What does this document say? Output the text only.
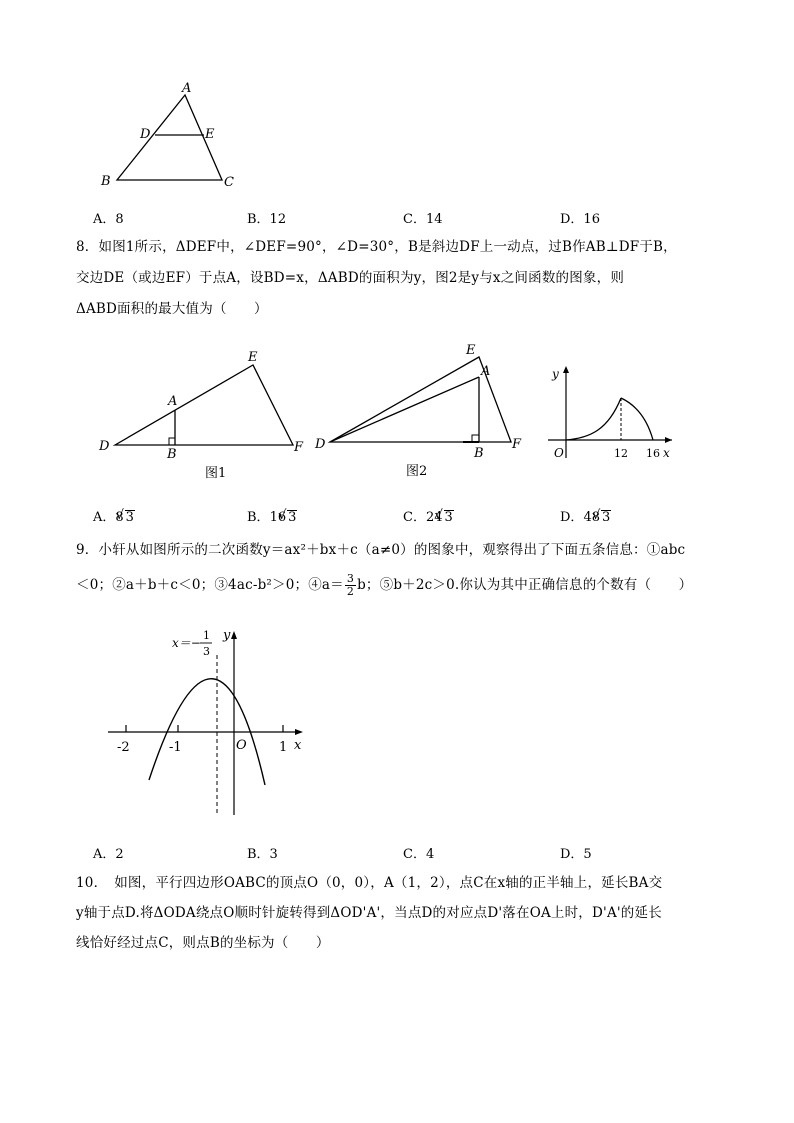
A
D	E
B	C
A．8	B．12	C．14	D．16
8．如图1所示，ΔDEF中，∠DEF=90°，∠D=30°，B是斜边DF上一动点，过B作AB⊥DF于B，
交边DE（或边EF）于点A，设BD=x，ΔABD的面积为y，图2是y与x之间函数的图象，则
ΔABD面积的最大值为（　　）
D
B
A
E
F
图1
D
B
A
E
F
图2
y
x
O	12 16
A．8 √ 3	B．16 √ 3	C．24 √ 3	D．48 √ 3
9．小轩从如图所示的二次函数y＝ax²＋bx＋c（a≠0）的图象中，观察得出了下面五条信息：①abc
＜0；②a＋b＋c＜0；③4ac-b²＞0；④a＝ $\frac{3}{2}$ b；⑤b＋2c＞0.你认为其中正确信息的个数有（　　）
-2	-1	1
O	x
y
x＝−
1
3
A．2	B．3	C．4	D．5
10．　如图，平行四边形OABC的顶点O（0，0），A（1，2），点C在x轴的正半轴上，延长BA交
y轴于点D.将ΔODA绕点O顺时针旋转得到ΔOD'A'，当点D的对应点D'落在OA上时，D'A'的延长
线恰好经过点C，则点B的坐标为（　　）
